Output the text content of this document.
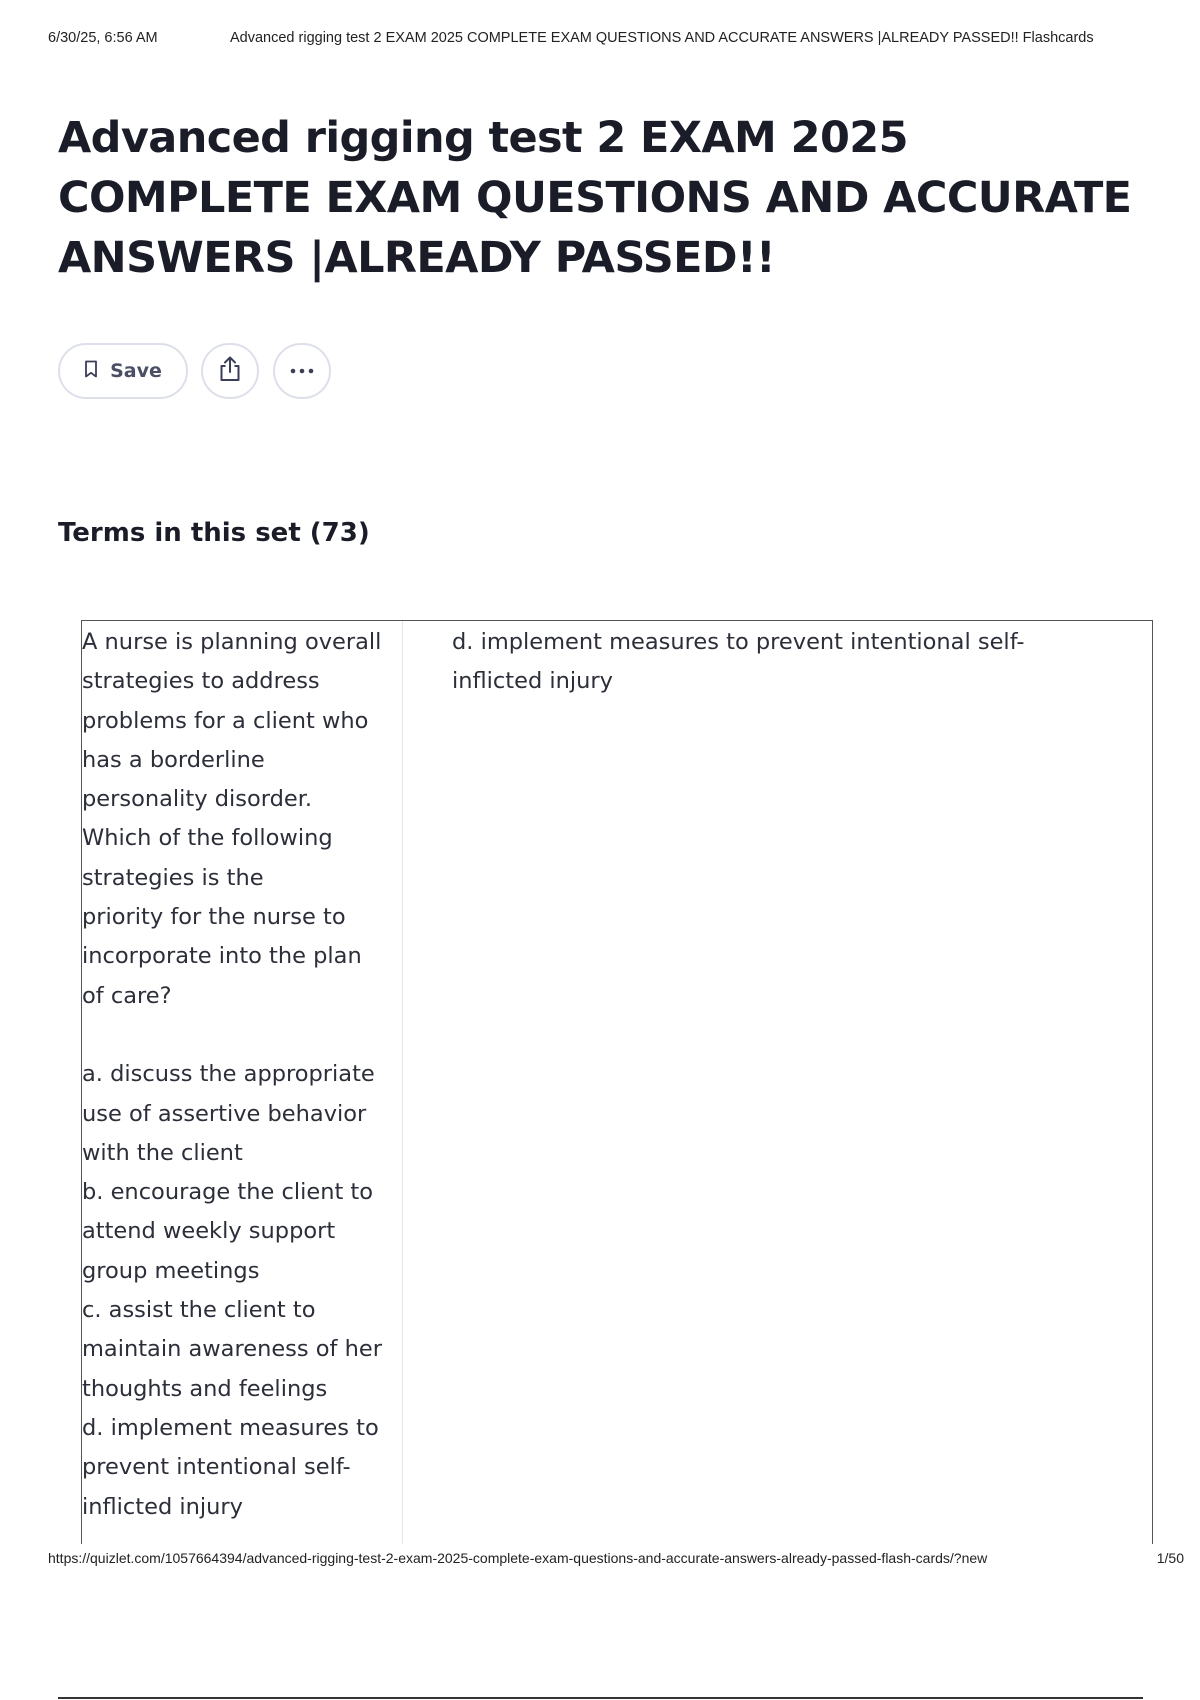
6/30/25, 6:56 AM	Advanced rigging test 2 EXAM 2025 COMPLETE EXAM QUESTIONS AND ACCURATE ANSWERS |ALREADY PASSED!! Flashcards
Advanced rigging test 2 EXAM 2025 COMPLETE EXAM QUESTIONS AND ACCURATE ANSWERS |ALREADY PASSED!!
Save
Terms in this set (73)

A nurse is planning overall
strategies to address
problems for a client who
has a borderline
personality disorder.
Which of the following
strategies is the
priority for the nurse to
incorporate into the plan
of care?

a. discuss the appropriate
use of assertive behavior
with the client
b. encourage the client to
attend weekly support
group meetings
c. assist the client to
maintain awareness of her
thoughts and feelings
d. implement measures to
prevent intentional self-
inflicted injury

d. implement measures to prevent intentional self-
inflicted injury

https://quizlet.com/1057664394/advanced-rigging-test-2-exam-2025-complete-exam-questions-and-accurate-answers-already-passed-flash-cards/?new	1/50
